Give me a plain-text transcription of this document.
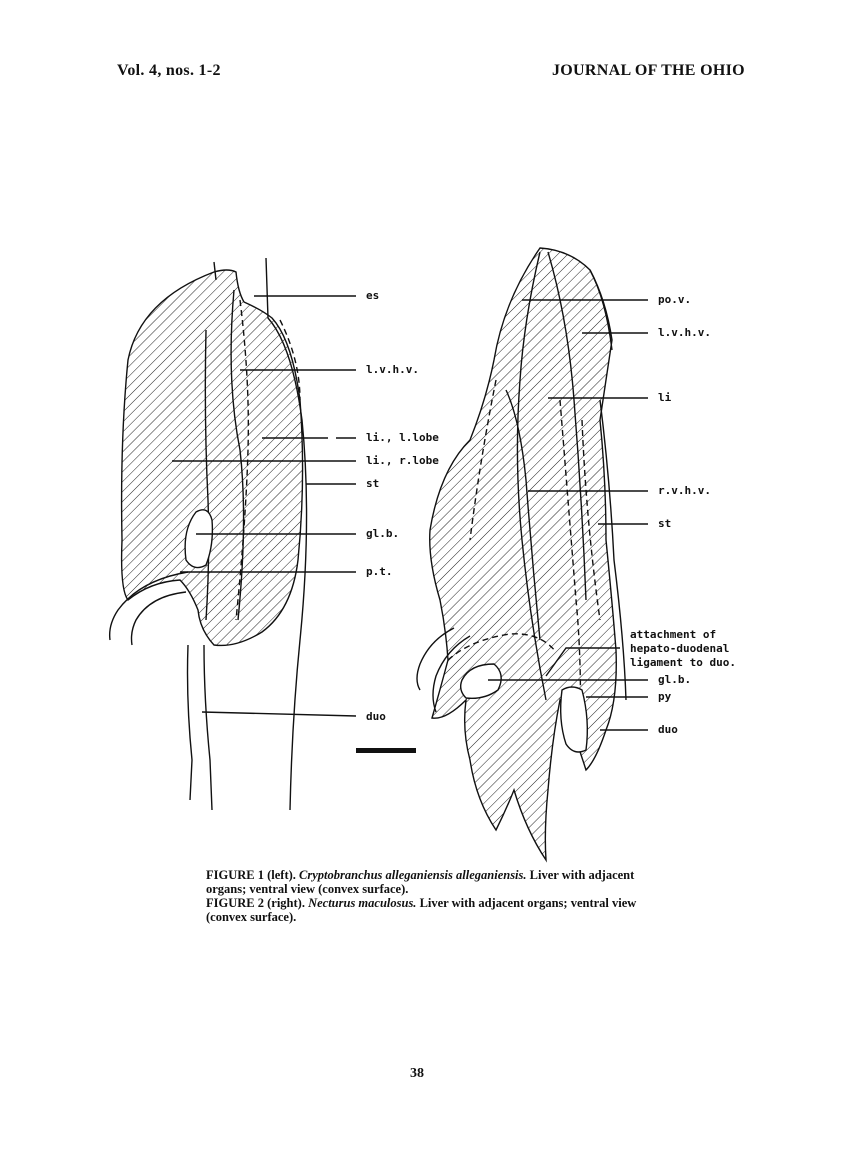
Vol. 4, nos. 1-2	JOURNAL OF THE OHIO
es
l.v.h.v.
li., l.lobe
li., r.lobe
st
gl.b.
p.t.
duo
po.v.
l.v.h.v.
li
r.v.h.v.
st
attachment of
hepato-duodenal
ligament to duo.
gl.b.
py
duo
FIGURE 1 (left). Cryptobranchus alleganiensis alleganiensis. Liver with adjacent organs; ventral view (convex surface).
FIGURE 2 (right). Necturus maculosus. Liver with adjacent organs; ventral view (convex surface).
38
